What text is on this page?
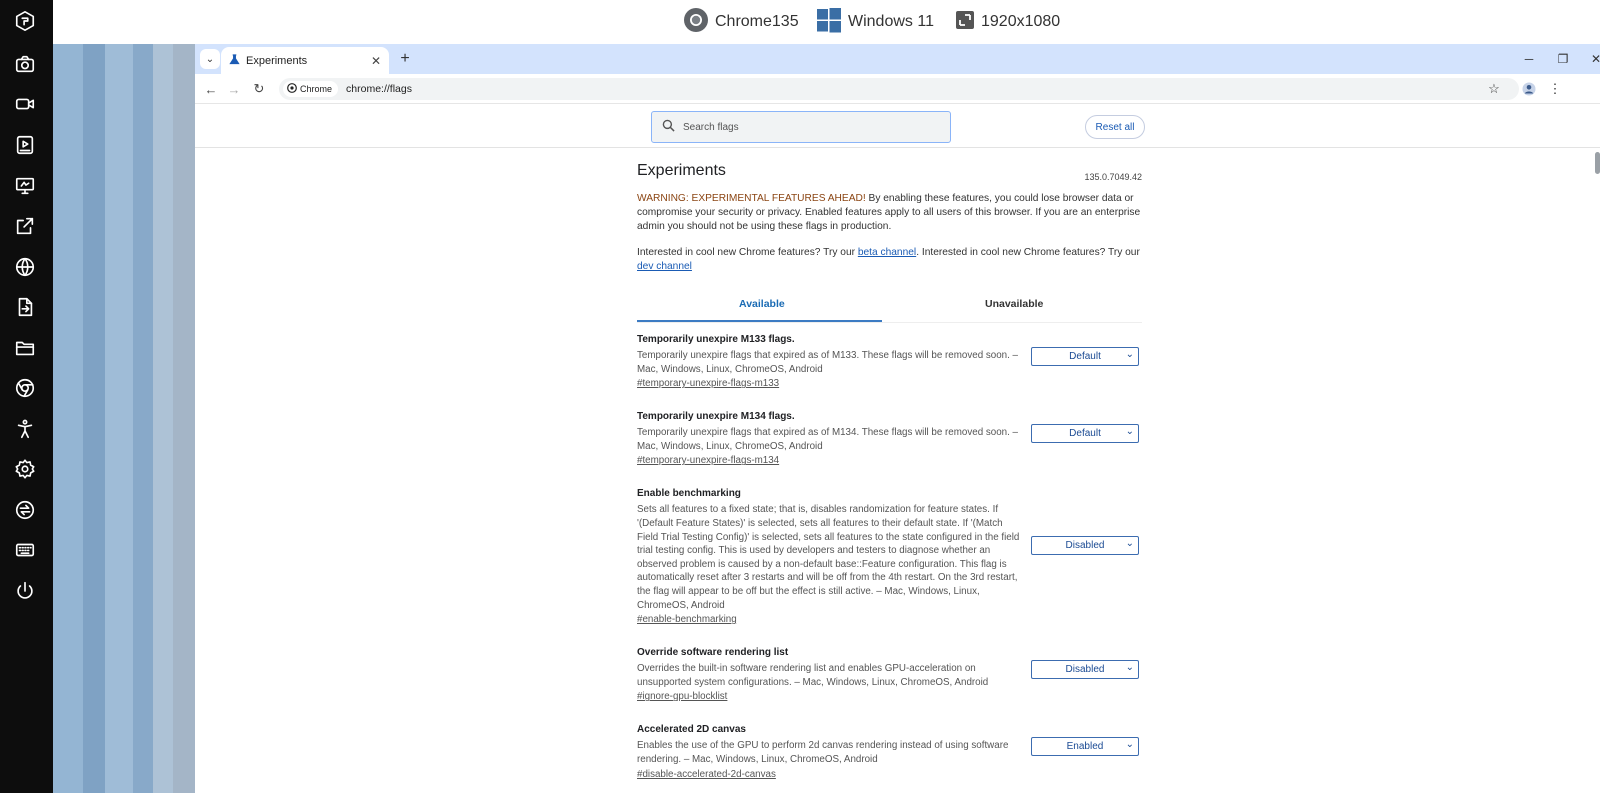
Chrome135	Windows 11	1920x1080
⌄	Experiments	✕	+	─	❐	✕
← → ↻	Chrome chrome://flags	☆	⋮
Search flags	Reset all
Experiments	135.0.7049.42
WARNING: EXPERIMENTAL FEATURES AHEAD! By enabling these features, you could lose browser data or compromise your security or privacy. Enabled features apply to all users of this browser. If you are an enterprise admin you should not be using these flags in production.
Interested in cool new Chrome features? Try our beta channel. Interested in cool new Chrome features? Try our dev channel
Available	Unavailable
Temporarily unexpire M133 flags.
Temporarily unexpire flags that expired as of M133. These flags will be removed soon. – Mac, Windows, Linux, ChromeOS, Android
#temporary-unexpire-flags-m133
Default ⌄
Temporarily unexpire M134 flags.
Temporarily unexpire flags that expired as of M134. These flags will be removed soon. – Mac, Windows, Linux, ChromeOS, Android
#temporary-unexpire-flags-m134
Default ⌄
Enable benchmarking
Sets all features to a fixed state; that is, disables randomization for feature states. If '(Default Feature States)' is selected, sets all features to their default state. If '(Match Field Trial Testing Config)' is selected, sets all features to the state configured in the field trial testing config. This is used by developers and testers to diagnose whether an observed problem is caused by a non-default base::Feature configuration. This flag is automatically reset after 3 restarts and will be off from the 4th restart. On the 3rd restart, the flag will appear to be off but the effect is still active. – Mac, Windows, Linux, ChromeOS, Android
#enable-benchmarking
Disabled ⌄
Override software rendering list
Overrides the built-in software rendering list and enables GPU-acceleration on unsupported system configurations. – Mac, Windows, Linux, ChromeOS, Android
#ignore-gpu-blocklist
Disabled ⌄
Accelerated 2D canvas
Enables the use of the GPU to perform 2d canvas rendering instead of using software rendering. – Mac, Windows, Linux, ChromeOS, Android
#disable-accelerated-2d-canvas
Enabled ⌄
